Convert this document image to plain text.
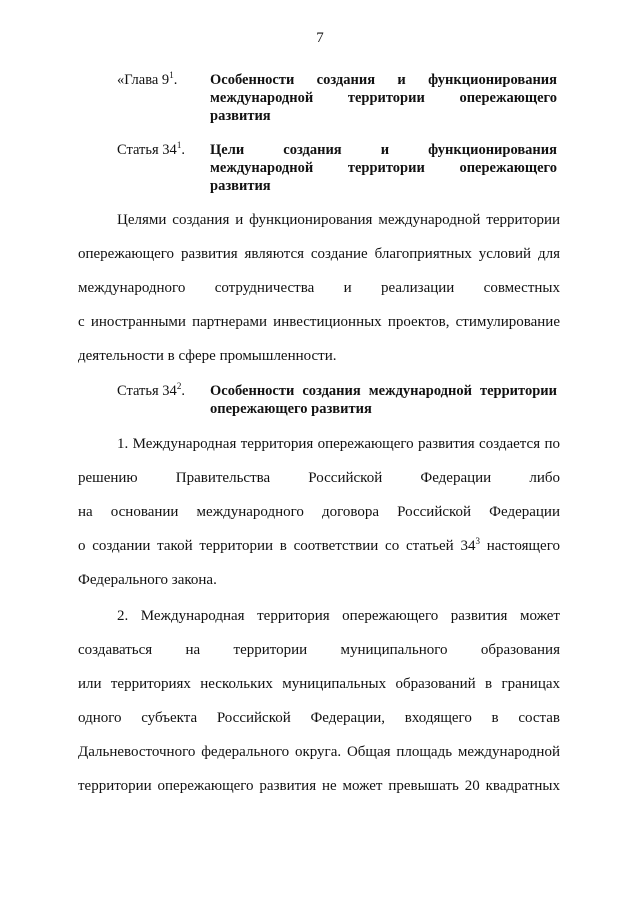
7
«Глава $9^1$. Особенности создания и функционирования
международной территории опережающего
развития
Статья $34^1$. Цели создания и функционирования
международной территории опережающего
развития
Целями создания и функционирования международной территории
опережающего развития являются создание благоприятных условий для
международного сотрудничества и реализации совместных
с иностранными партнерами инвестиционных проектов, стимулирование
деятельности в сфере промышленности.
Статья $34^2$. Особенности создания международной территории
опережающего развития
1. Международная территория опережающего развития создается по
решению Правительства Российской Федерации либо
на основании международного договора Российской Федерации
о создании такой территории в соответствии со статьей $34^3$ настоящего
Федерального закона.
2. Международная территория опережающего развития может
создаваться на территории муниципального образования
или территориях нескольких муниципальных образований в границах
одного субъекта Российской Федерации, входящего в состав
Дальневосточного федерального округа. Общая площадь международной
территории опережающего развития не может превышать 20 квадратных
